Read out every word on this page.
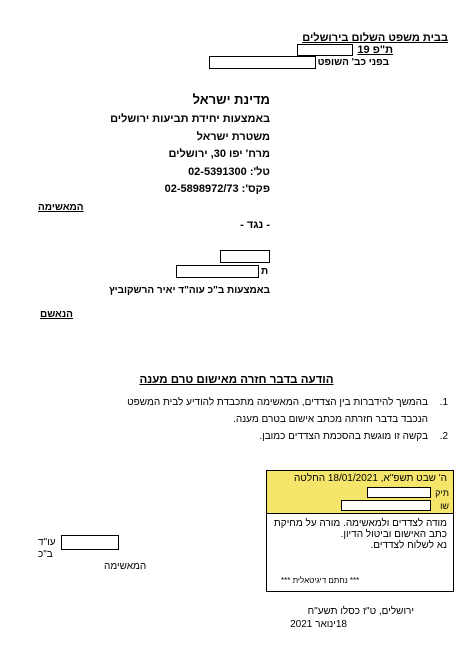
בבית משפט השלום בירושלים
ת"פ 19
בפני כב' השופט
מדינת ישראל
באמצעות יחידת תביעות ירושלים
משטרת ישראל
מרח' יפו 30, ירושלים
טל': 02-5391300
פקס': 02-5898972/73
המאשימה
- נגד -
ת
באמצעות ב"כ עוה"ד יאיר הרשקוביץ
הנאשם
הודעה בדבר חזרה מאישום טרם מענה
1.
בהמשך להידברות בין הצדדים, המאשימה מתכבדת להודיע לבית המשפט
הנכבד בדבר חזרתה מכתב אישום בטרם מענה.
2.
בקשה זו מוגשת בהסכמת הצדדים כמובן.
ה' שבט תשפ"א, 18/01/2021 החלטה
תיק
שו
מודה לצדדים ולמאשימה. מורה על מחיקת
כתב האישום וביטול הדיון.
נא לשלוח לצדדים.
*** נחתם דיגיטאלית ***
עו"ד
ב"כ
המאשימה
ירושלים, ט"ז כסלו תשע"ח
18ינואר 2021
